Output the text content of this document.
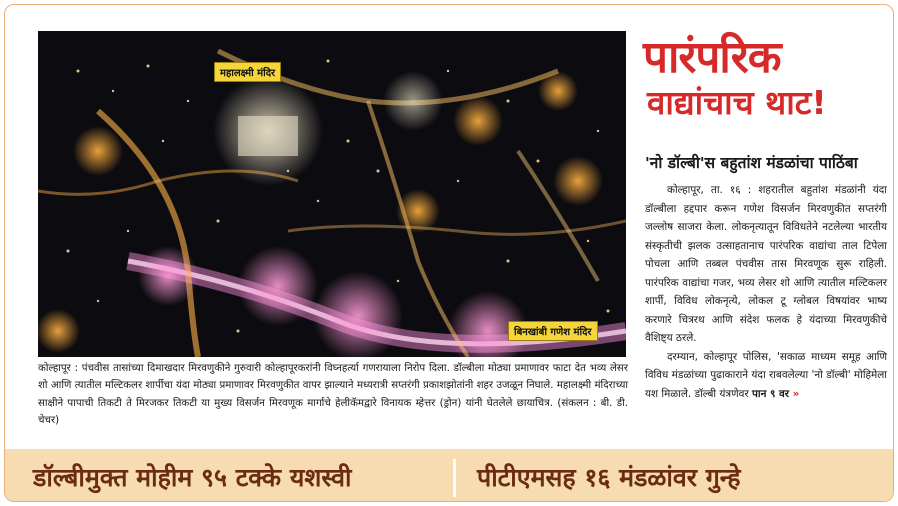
महालक्ष्मी मंदिर
बिनखांबी गणेश मंदिर
कोल्हापूर : पंचवीस तासांच्या दिमाखदार मिरवणुकीने गुरुवारी कोल्हापूरकरांनी विघ्नहर्त्या गणरायाला निरोप दिला. डॉल्बीला मोठ्या प्रमाणावर फाटा देत भव्य लेसर शो आणि त्यातील मल्टिकलर शार्पीचा यंदा मोठ्या प्रमाणावर मिरवणुकीत वापर झाल्याने मध्यरात्री सप्तरंगी प्रकाशझोतांनी शहर उजळून निघाले. महालक्ष्मी मंदिराच्या साक्षीने पापाची तिकटी ते मिरजकर तिकटी या मुख्य विसर्जन मिरवणूक मार्गाचे हेलीकॅमद्वारे विनायक म्हेत्तर (ड्रोन) यांनी घेतलेले छायाचित्र. (संकलन : बी. डी. चेचर)
पारंपरिक
वाद्यांचाच थाट!
'नो डॉल्बी'स बहुतांश मंडळांचा पाठिंबा

कोल्हापूर, ता. १६ : शहरातील बहुतांश मंडळांनी यंदा डॉल्बीला हद्दपार करून गणेश विसर्जन मिरवणुकीत सप्तरंगी जल्लोष साजरा केला. लोकनृत्यातून विविधतेने नटलेल्या भारतीय संस्कृतीची झलक उत्साहतानाच पारंपरिक वाद्यांचा ताल टिपेला पोचला आणि तब्बल पंचवीस तास मिरवणूक सुरू राहिली. पारंपरिक वाद्यांचा गजर, भव्य लेसर शो आणि त्यातील मल्टिकलर शार्पी, विविध लोकनृत्ये, लोकल टू ग्लोबल विषयांवर भाष्य करणारे चित्ररथ आणि संदेश फलक हे यंदाच्या मिरवणुकीचे वैशिष्ट्य ठरले.

दरम्यान, कोल्हापूर पोलिस, 'सकाळ माध्यम समूह आणि विविध मंडळांच्या पुढाकाराने यंदा राबवलेल्या 'नो डॉल्बी' मोहिमेला यश मिळाले. डॉल्बी यंत्रणेवर पान ९ वर »

डॉल्बीमुक्त मोहीम ९५ टक्के यशस्वी	पीटीएमसह १६ मंडळांवर गुन्हे
